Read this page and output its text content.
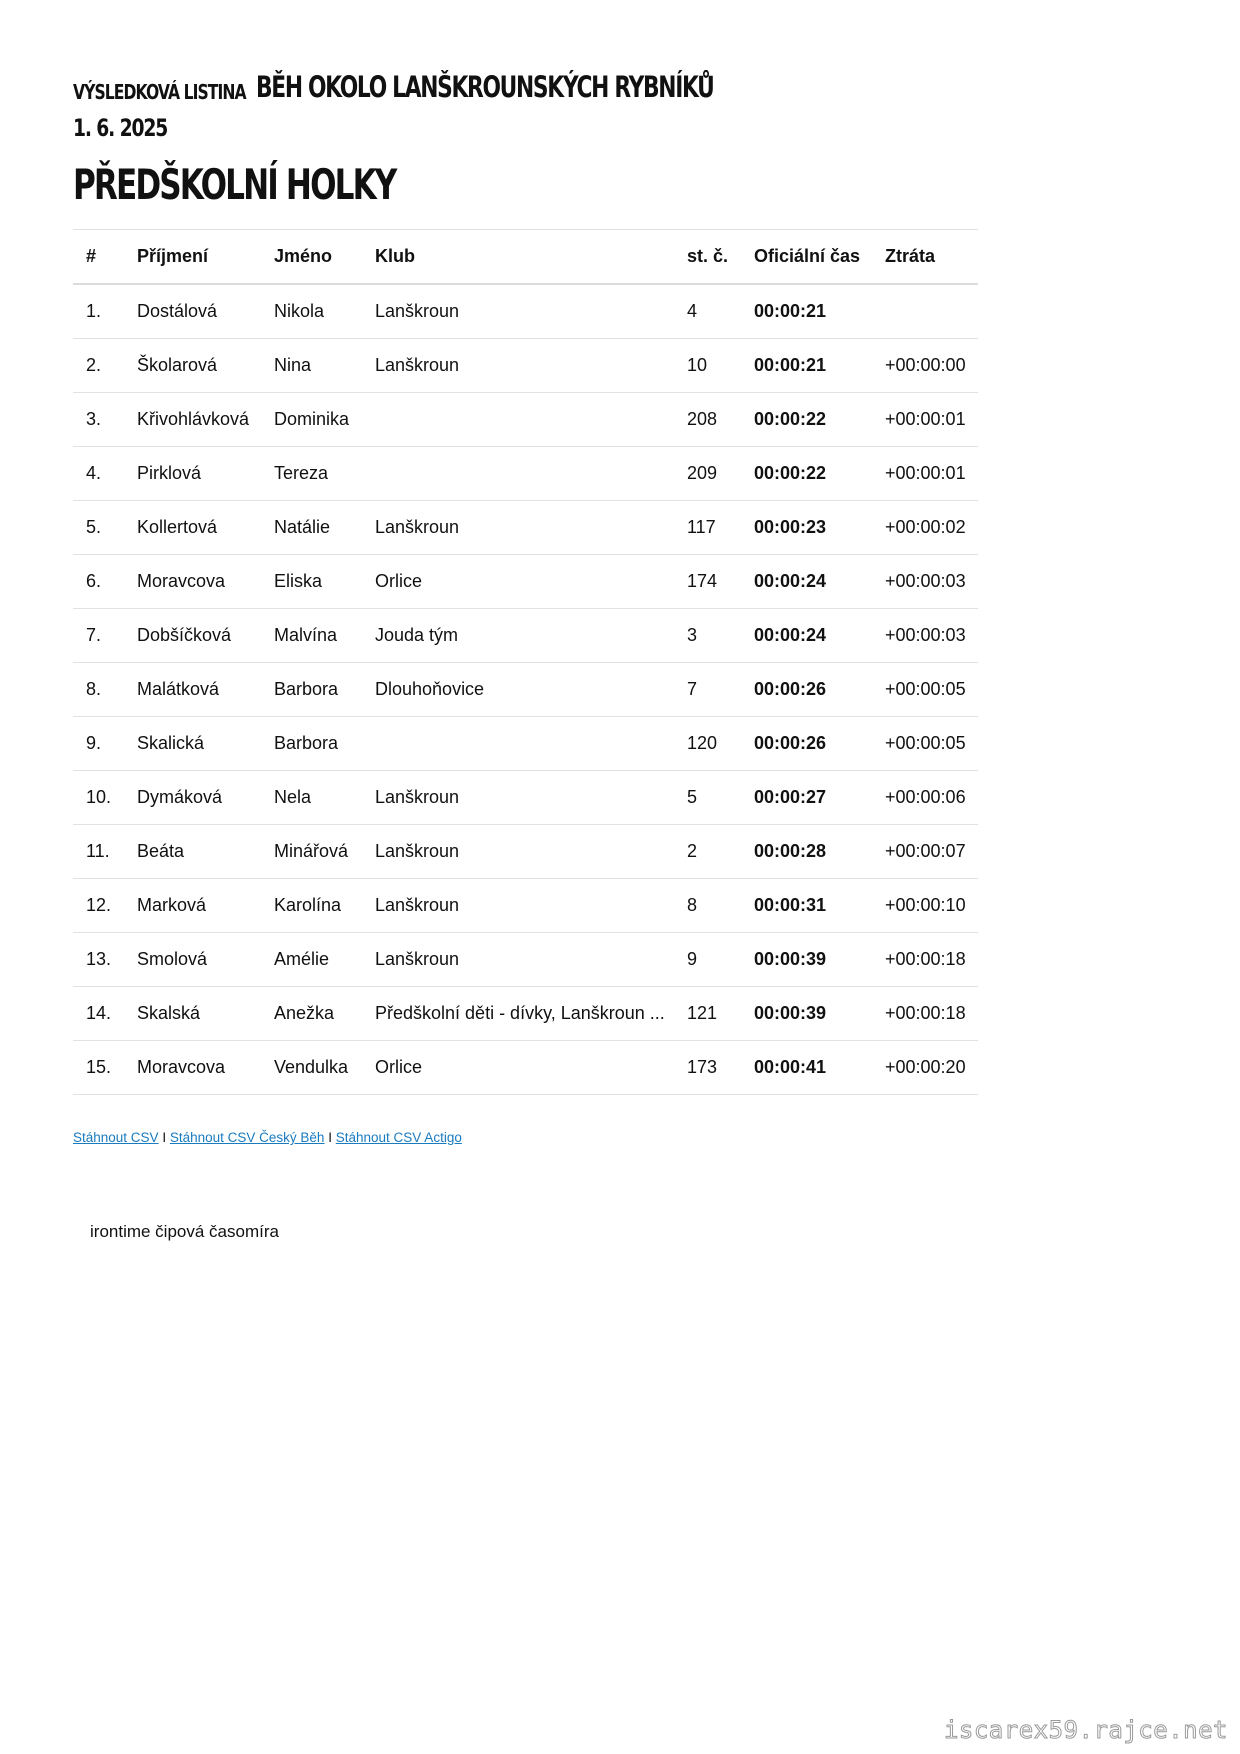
VÝSLEDKOVÁ LISTINA BĚH OKOLO LANŠKROUNSKÝCH RYBNÍKŮ
1. 6. 2025
PŘEDŠKOLNÍ HOLKY
#	Příjmení	Jméno	Klub	st. č.	Oficiální čas	Ztráta
1.	Dostálová	Nikola	Lanškroun	4	00:00:21	
2.	Školarová	Nina	Lanškroun	10	00:00:21	+00:00:00
3.	Křivohlávková	Dominika		208	00:00:22	+00:00:01
4.	Pirklová	Tereza		209	00:00:22	+00:00:01
5.	Kollertová	Natálie	Lanškroun	117	00:00:23	+00:00:02
6.	Moravcova	Eliska	Orlice	174	00:00:24	+00:00:03
7.	Dobšíčková	Malvína	Jouda tým	3	00:00:24	+00:00:03
8.	Malátková	Barbora	Dlouhoňovice	7	00:00:26	+00:00:05
9.	Skalická	Barbora		120	00:00:26	+00:00:05
10.	Dymáková	Nela	Lanškroun	5	00:00:27	+00:00:06
11.	Beáta	Minářová	Lanškroun	2	00:00:28	+00:00:07
12.	Marková	Karolína	Lanškroun	8	00:00:31	+00:00:10
13.	Smolová	Amélie	Lanškroun	9	00:00:39	+00:00:18
14.	Skalská	Anežka	Předškolní děti - dívky, Lanškroun ...	121	00:00:39	+00:00:18
15.	Moravcova	Vendulka	Orlice	173	00:00:41	+00:00:20
Stáhnout CSV I Stáhnout CSV Český Běh I Stáhnout CSV Actigo
irontime čipová časomíra
iscarex59.rajce.net
